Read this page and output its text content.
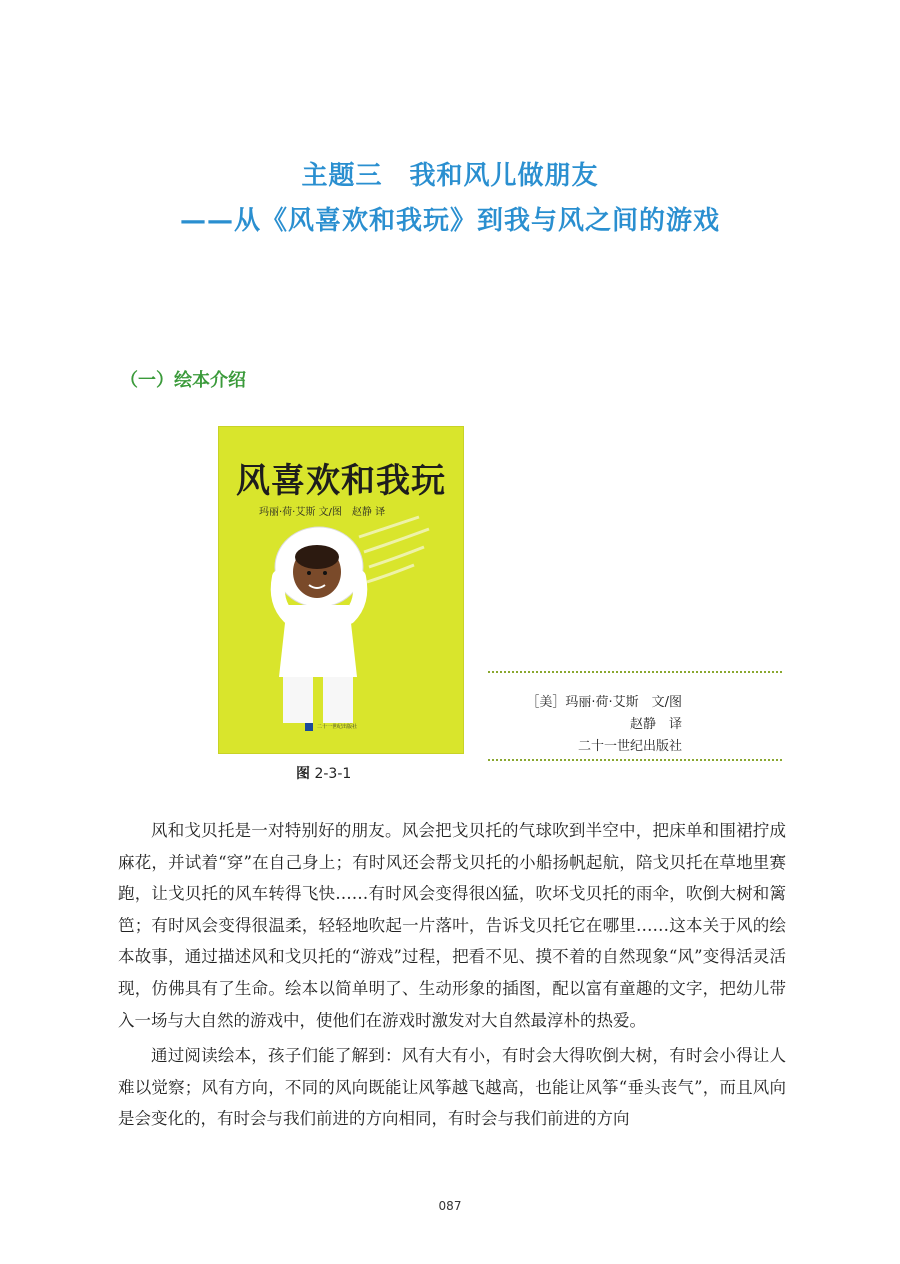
主题三　我和风儿做朋友
——从《风喜欢和我玩》到我与风之间的游戏
（一）绘本介绍
风喜欢和我玩
玛丽·荷·艾斯 文/图　赵静 译
二十一世纪出版社
图 2-3-1
［美］玛丽·荷·艾斯　文/图
赵静　译
二十一世纪出版社

风和戈贝托是一对特别好的朋友。风会把戈贝托的气球吹到半空中，把床单和围裙拧成麻花，并试着“穿”在自己身上；有时风还会帮戈贝托的小船扬帆起航，陪戈贝托在草地里赛跑，让戈贝托的风车转得飞快……有时风会变得很凶猛，吹坏戈贝托的雨伞，吹倒大树和篱笆；有时风会变得很温柔，轻轻地吹起一片落叶，告诉戈贝托它在哪里……这本关于风的绘本故事，通过描述风和戈贝托的“游戏”过程，把看不见、摸不着的自然现象“风”变得活灵活现，仿佛具有了生命。绘本以简单明了、生动形象的插图，配以富有童趣的文字，把幼儿带入一场与大自然的游戏中，使他们在游戏时激发对大自然最淳朴的热爱。

通过阅读绘本，孩子们能了解到：风有大有小，有时会大得吹倒大树，有时会小得让人难以觉察；风有方向，不同的风向既能让风筝越飞越高，也能让风筝“垂头丧气”，而且风向是会变化的，有时会与我们前进的方向相同，有时会与我们前进的方向

087
